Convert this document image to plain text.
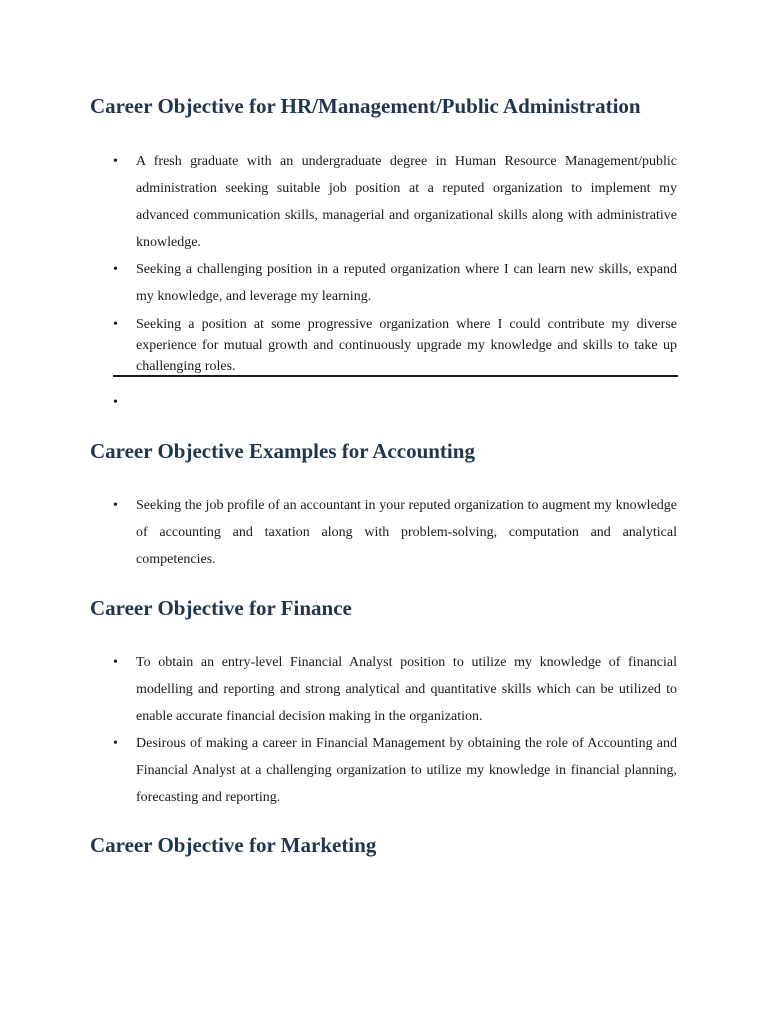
Career Objective for HR/Management/Public Administration
• A fresh graduate with an undergraduate degree in Human Resource Management/public administration seeking suitable job position at a reputed organization to implement my advanced communication skills, managerial and organizational skills along with administrative knowledge.
• Seeking a challenging position in a reputed organization where I can learn new skills, expand my knowledge, and leverage my learning.
• Seeking a position at some progressive organization where I could contribute my diverse experience for mutual growth and continuously upgrade my knowledge and skills to take up challenging roles.
•
Career Objective Examples for Accounting
• Seeking the job profile of an accountant in your reputed organization to augment my knowledge of accounting and taxation along with problem-solving, computation and analytical competencies.
Career Objective for Finance
• To obtain an entry-level Financial Analyst position to utilize my knowledge of financial modelling and reporting and strong analytical and quantitative skills which can be utilized to enable accurate financial decision making in the organization.
• Desirous of making a career in Financial Management by obtaining the role of Accounting and Financial Analyst at a challenging organization to utilize my knowledge in financial planning, forecasting and reporting.
Career Objective for Marketing
